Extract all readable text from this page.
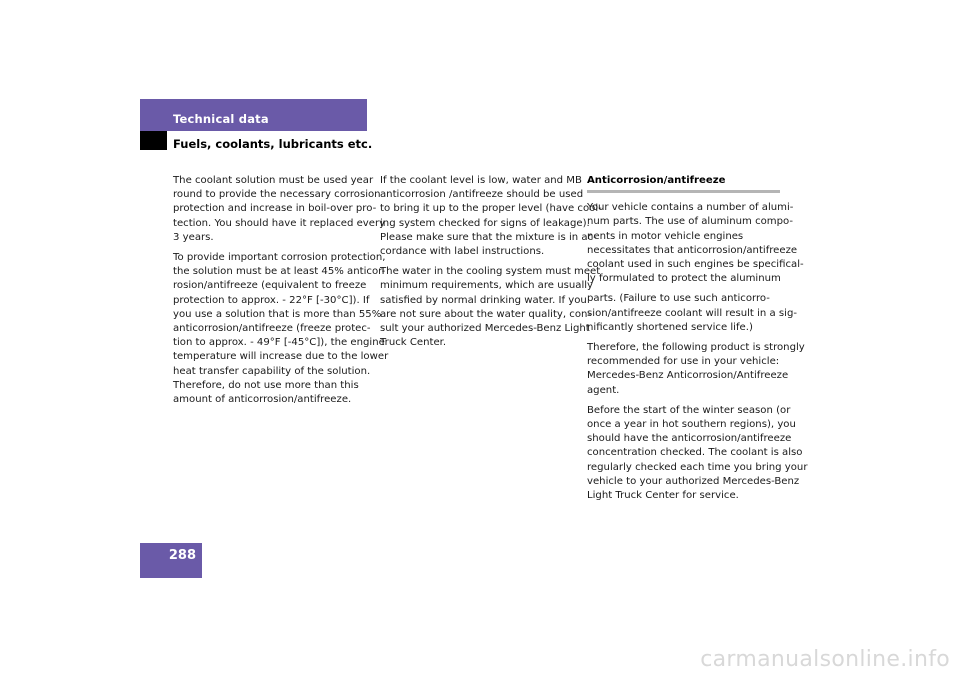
Technical data
Fuels, coolants, lubricants etc.

The coolant solution must be used year
round to provide the necessary corrosion
protection and increase in boil-over pro-
tection. You should have it replaced every
3 years.

To provide important corrosion protection,
the solution must be at least 45% anticor-
rosion/antifreeze (equivalent to freeze
protection to approx. - 22°F [-30°C]). If
you use a solution that is more than 55%
anticorrosion/antifreeze (freeze protec-
tion to approx. - 49°F [-45°C]), the engine
temperature will increase due to the lower
heat transfer capability of the solution.
Therefore, do not use more than this
amount of anticorrosion/antifreeze.

If the coolant level is low, water and MB
anticorrosion /antifreeze should be used
to bring it up to the proper level (have cool-
ing system checked for signs of leakage).
Please make sure that the mixture is in ac-
cordance with label instructions.

The water in the cooling system must meet
minimum requirements, which are usually
satisfied by normal drinking water. If you
are not sure about the water quality, con-
sult your authorized Mercedes-Benz Light
Truck Center.

Anticorrosion/antifreeze

Your vehicle contains a number of alumi-
num parts. The use of aluminum compo-
nents in motor vehicle engines
necessitates that anticorrosion/antifreeze
coolant used in such engines be specifical-
ly formulated to protect the aluminum

parts. (Failure to use such anticorro-
sion/antifreeze coolant will result in a sig-
nificantly shortened service life.)

Therefore, the following product is strongly
recommended for use in your vehicle:
Mercedes-Benz Anticorrosion/Antifreeze
agent.

Before the start of the winter season (or
once a year in hot southern regions), you
should have the anticorrosion/antifreeze
concentration checked. The coolant is also
regularly checked each time you bring your
vehicle to your authorized Mercedes-Benz
Light Truck Center for service.

288
carmanualsonline.info
